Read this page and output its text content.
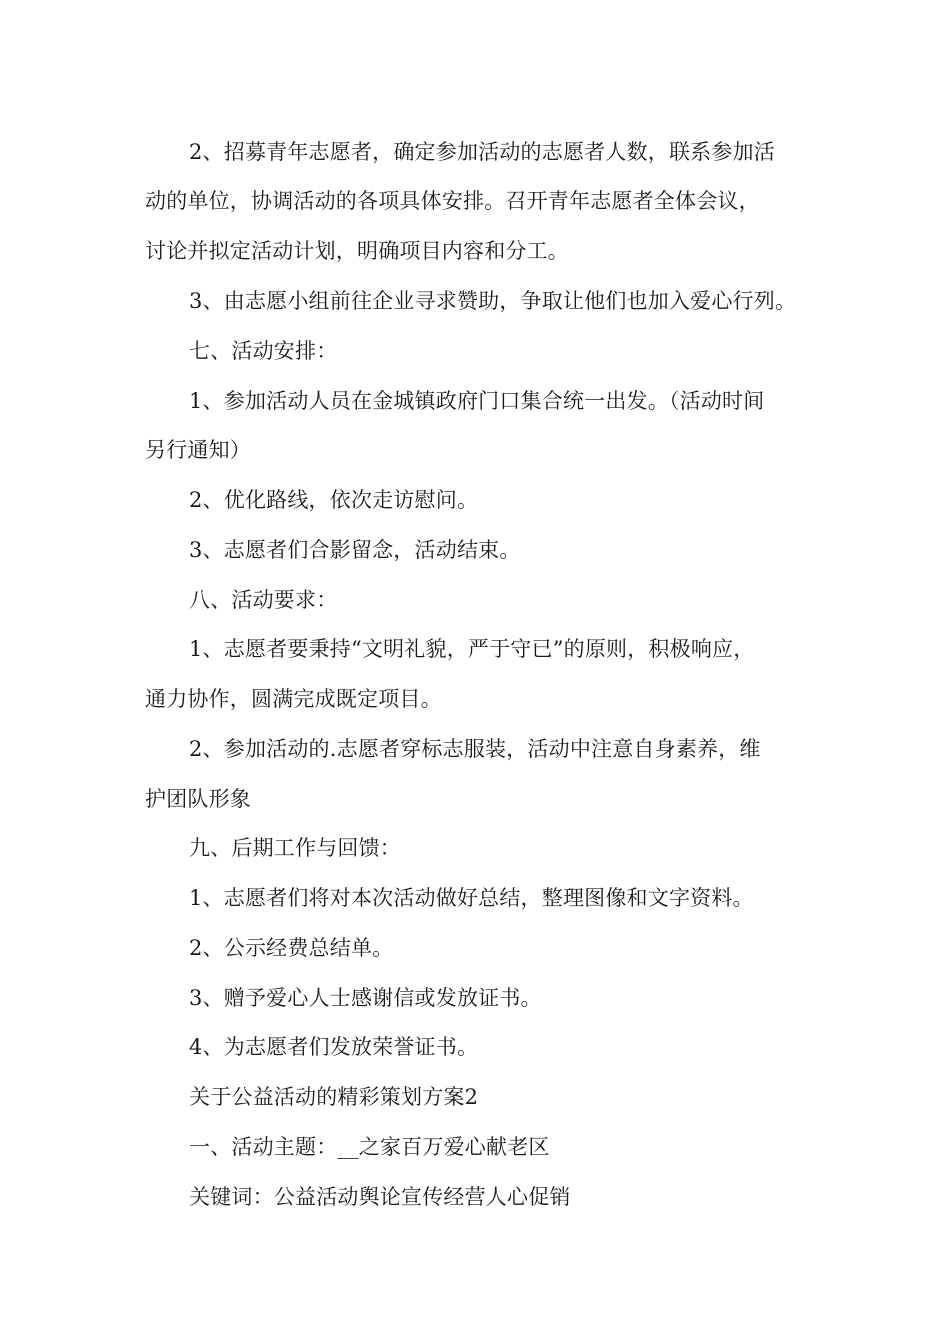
2、招募青年志愿者，确定参加活动的志愿者人数，联系参加活
动的单位，协调活动的各项具体安排。召开青年志愿者全体会议，
讨论并拟定活动计划，明确项目内容和分工。
3、由志愿小组前往企业寻求赞助，争取让他们也加入爱心行列。
七、活动安排：
1、参加活动人员在金城镇政府门口集合统一出发。（活动时间
另行通知）
2、优化路线，依次走访慰问。
3、志愿者们合影留念，活动结束。
八、活动要求：
1、志愿者要秉持“文明礼貌，严于守已”的原则，积极响应，
通力协作，圆满完成既定项目。
2、参加活动的.志愿者穿标志服装，活动中注意自身素养，维
护团队形象
九、后期工作与回馈：
1、志愿者们将对本次活动做好总结，整理图像和文字资料。
2、公示经费总结单。
3、赠予爱心人士感谢信或发放证书。
4、为志愿者们发放荣誉证书。
关于公益活动的精彩策划方案2
一、活动主题：__之家百万爱心献老区
关键词：公益活动舆论宣传经营人心促销
